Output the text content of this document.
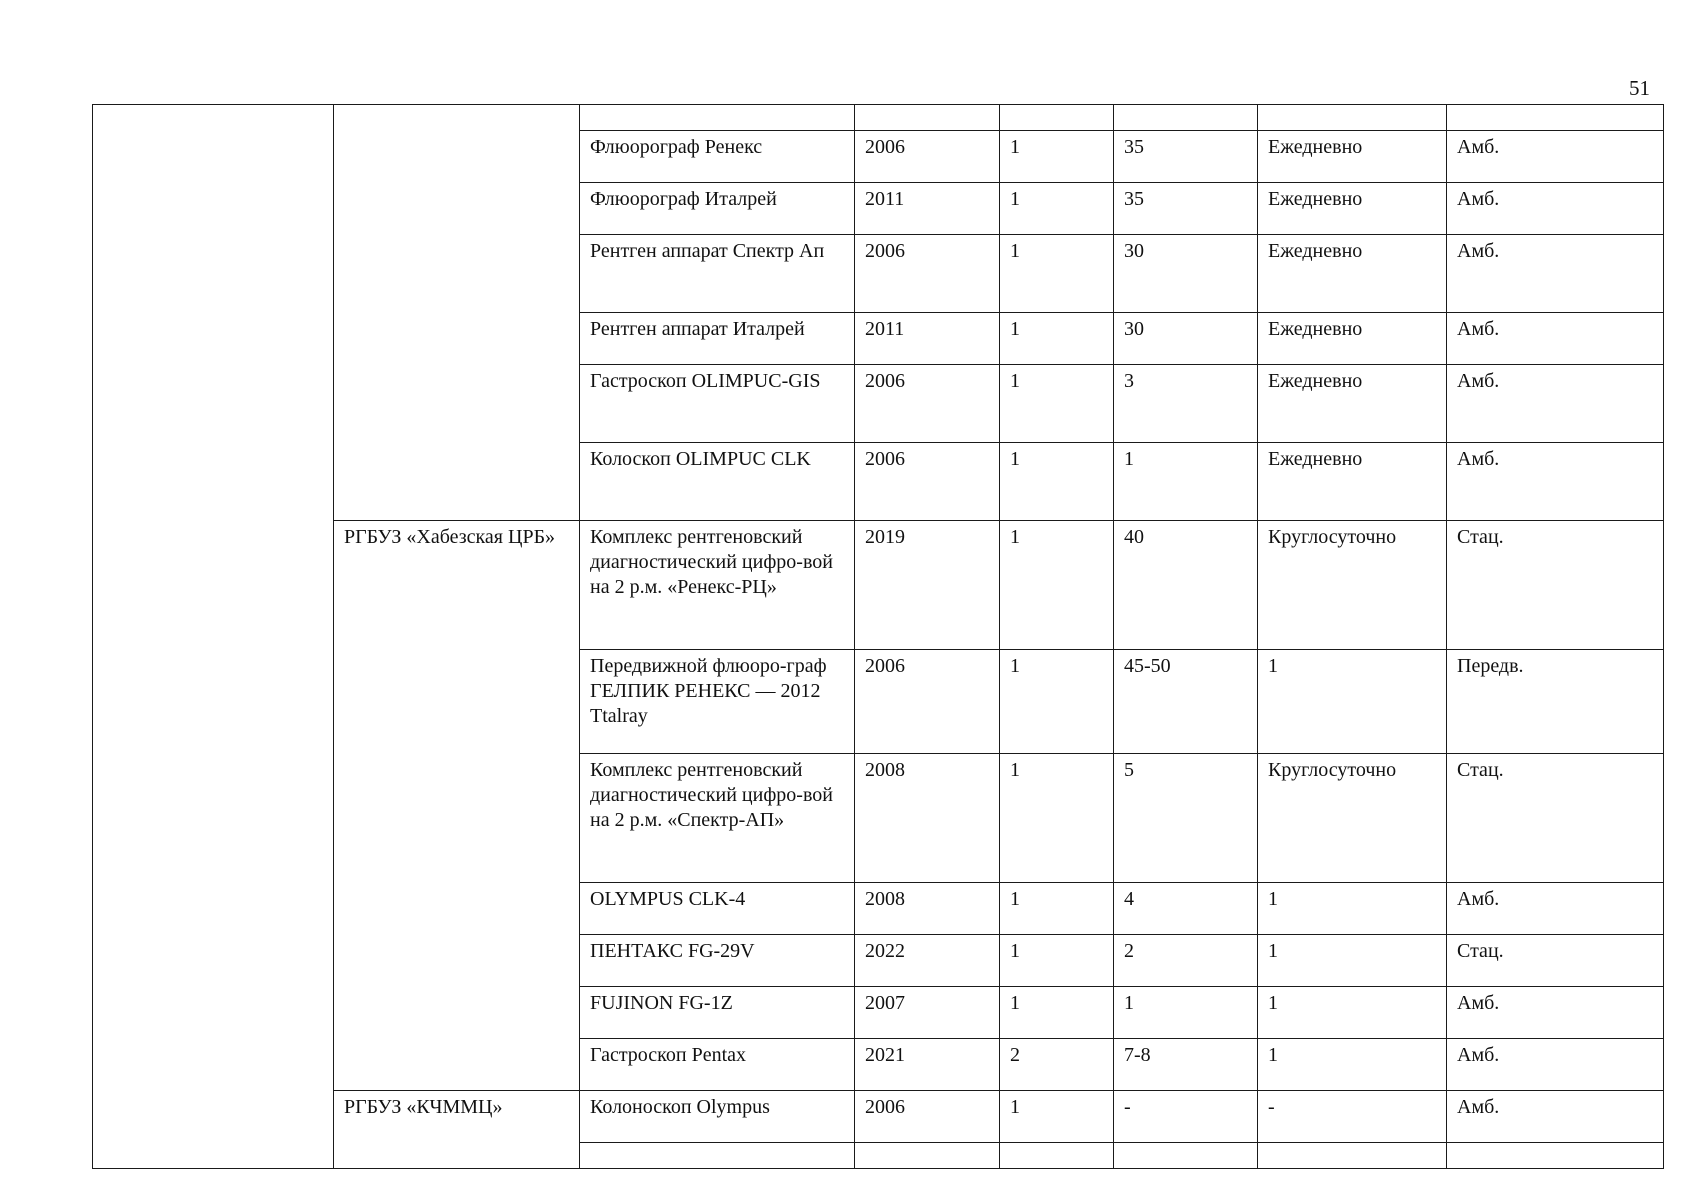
51

		Флюорограф Ренекс	2006	1	35	Ежедневно	Амб.
		Флюорограф Италрей	2011	1	35	Ежедневно	Амб.
		Рентген аппарат Спектр Ап	2006	1	30	Ежедневно	Амб.
		Рентген аппарат Италрей	2011	1	30	Ежедневно	Амб.
		Гастроскоп OLIMPUC-GIS	2006	1	3	Ежедневно	Амб.
		Колоскоп OLIMPUC CLK	2006	1	1	Ежедневно	Амб.
	РГБУЗ «Хабезская ЦРБ»	Комплекс рентгеновский диагностический цифро-вой на 2 р.м. «Ренекс-РЦ»	2019	1	40	Круглосуточно	Стац.
		Передвижной флюоро-граф ГЕЛПИК РЕНЕКС — 2012 Ttalray	2006	1	45-50	1	Передв.
		Комплекс рентгеновский диагностический цифро-вой на 2 р.м. «Спектр-АП»	2008	1	5	Круглосуточно	Стац.
		OLYMPUS CLK-4	2008	1	4	1	Амб.
		ПЕНТАКС FG-29V	2022	1	2	1	Стац.
		FUJINON FG-1Z	2007	1	1	1	Амб.
		Гастроскоп Pentax	2021	2	7-8	1	Амб.
	РГБУЗ «КЧММЦ»	Колоноскоп Olympus	2006	1	-	-	Амб.
